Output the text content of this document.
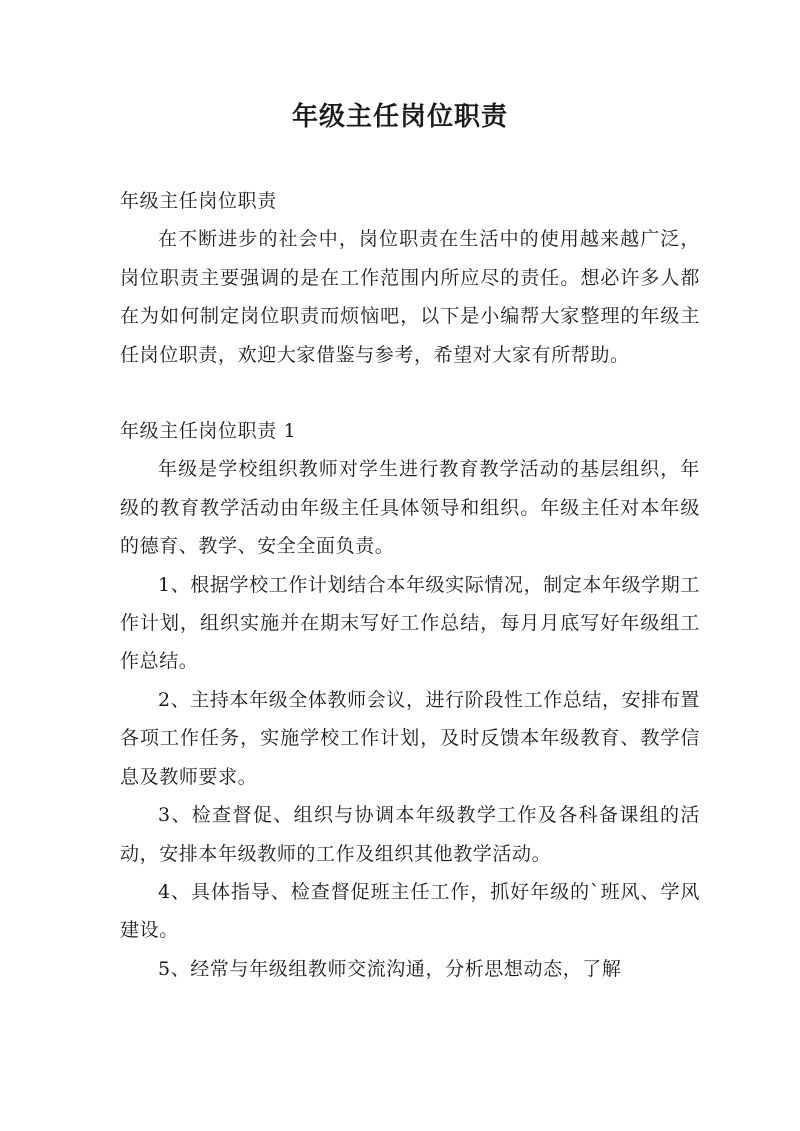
年级主任岗位职责

年级主任岗位职责

在不断进步的社会中，岗位职责在生活中的使用越来越广泛，岗位职责主要强调的是在工作范围内所应尽的责任。想必许多人都在为如何制定岗位职责而烦恼吧，以下是小编帮大家整理的年级主任岗位职责，欢迎大家借鉴与参考，希望对大家有所帮助。

年级主任岗位职责 1

年级是学校组织教师对学生进行教育教学活动的基层组织，年级的教育教学活动由年级主任具体领导和组织。年级主任对本年级的德育、教学、安全全面负责。

1、根据学校工作计划结合本年级实际情况，制定本年级学期工作计划，组织实施并在期末写好工作总结，每月月底写好年级组工作总结。

2、主持本年级全体教师会议，进行阶段性工作总结，安排布置各项工作任务，实施学校工作计划，及时反馈本年级教育、教学信息及教师要求。

3、检查督促、组织与协调本年级教学工作及各科备课组的活动，安排本年级教师的工作及组织其他教学活动。

4、具体指导、检查督促班主任工作，抓好年级的`班风、学风建设。

5、经常与年级组教师交流沟通，分析思想动态，了解
